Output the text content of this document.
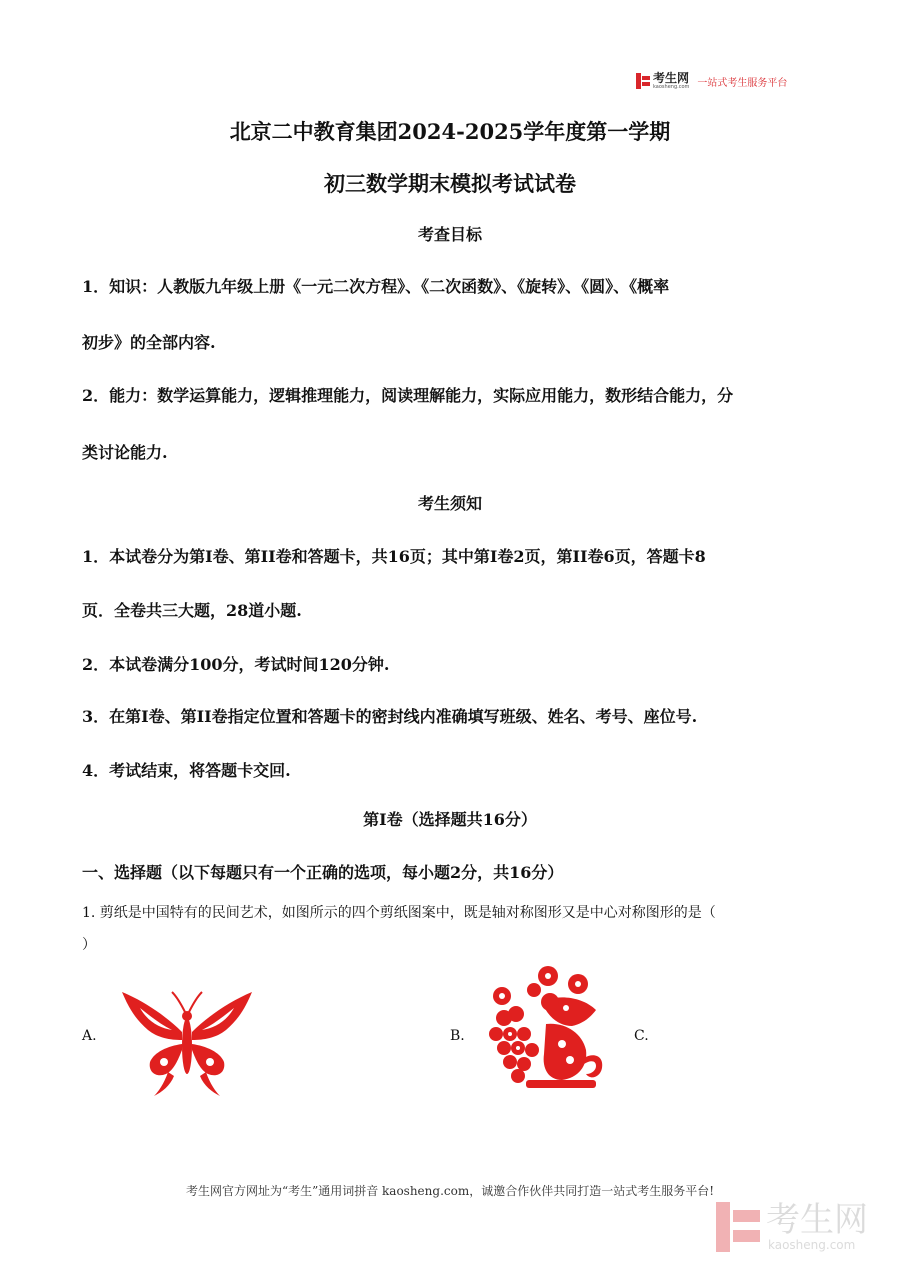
考生网
kaosheng.com 一站式考生服务平台
北京二中教育集团2024-2025学年度第一学期
初三数学期末模拟考试试卷
考查目标
1．知识：人教版九年级上册《一元二次方程》、《二次函数》、《旋转》、《圆》、《概率
初步》的全部内容.
2．能力：数学运算能力，逻辑推理能力，阅读理解能力，实际应用能力，数形结合能力，分
类讨论能力.
考生须知
1．本试卷分为第I卷、第II卷和答题卡，共16页；其中第I卷2页，第II卷6页，答题卡8
页．全卷共三大题，28道小题.
2．本试卷满分100分，考试时间120分钟.
3．在第I卷、第II卷指定位置和答题卡的密封线内准确填写班级、姓名、考号、座位号.
4．考试结束，将答题卡交回.
第I卷（选择题共16分）
一、选择题（以下每题只有一个正确的选项，每小题2分，共16分）
1. 剪纸是中国特有的民间艺术，如图所示的四个剪纸图案中，既是轴对称图形又是中心对称图形的是（
）
A.	B.	C.
考生网官方网址为“考生”通用词拼音 kaosheng.com，诚邀合作伙伴共同打造一站式考生服务平台!
考生网
kaosheng.com
